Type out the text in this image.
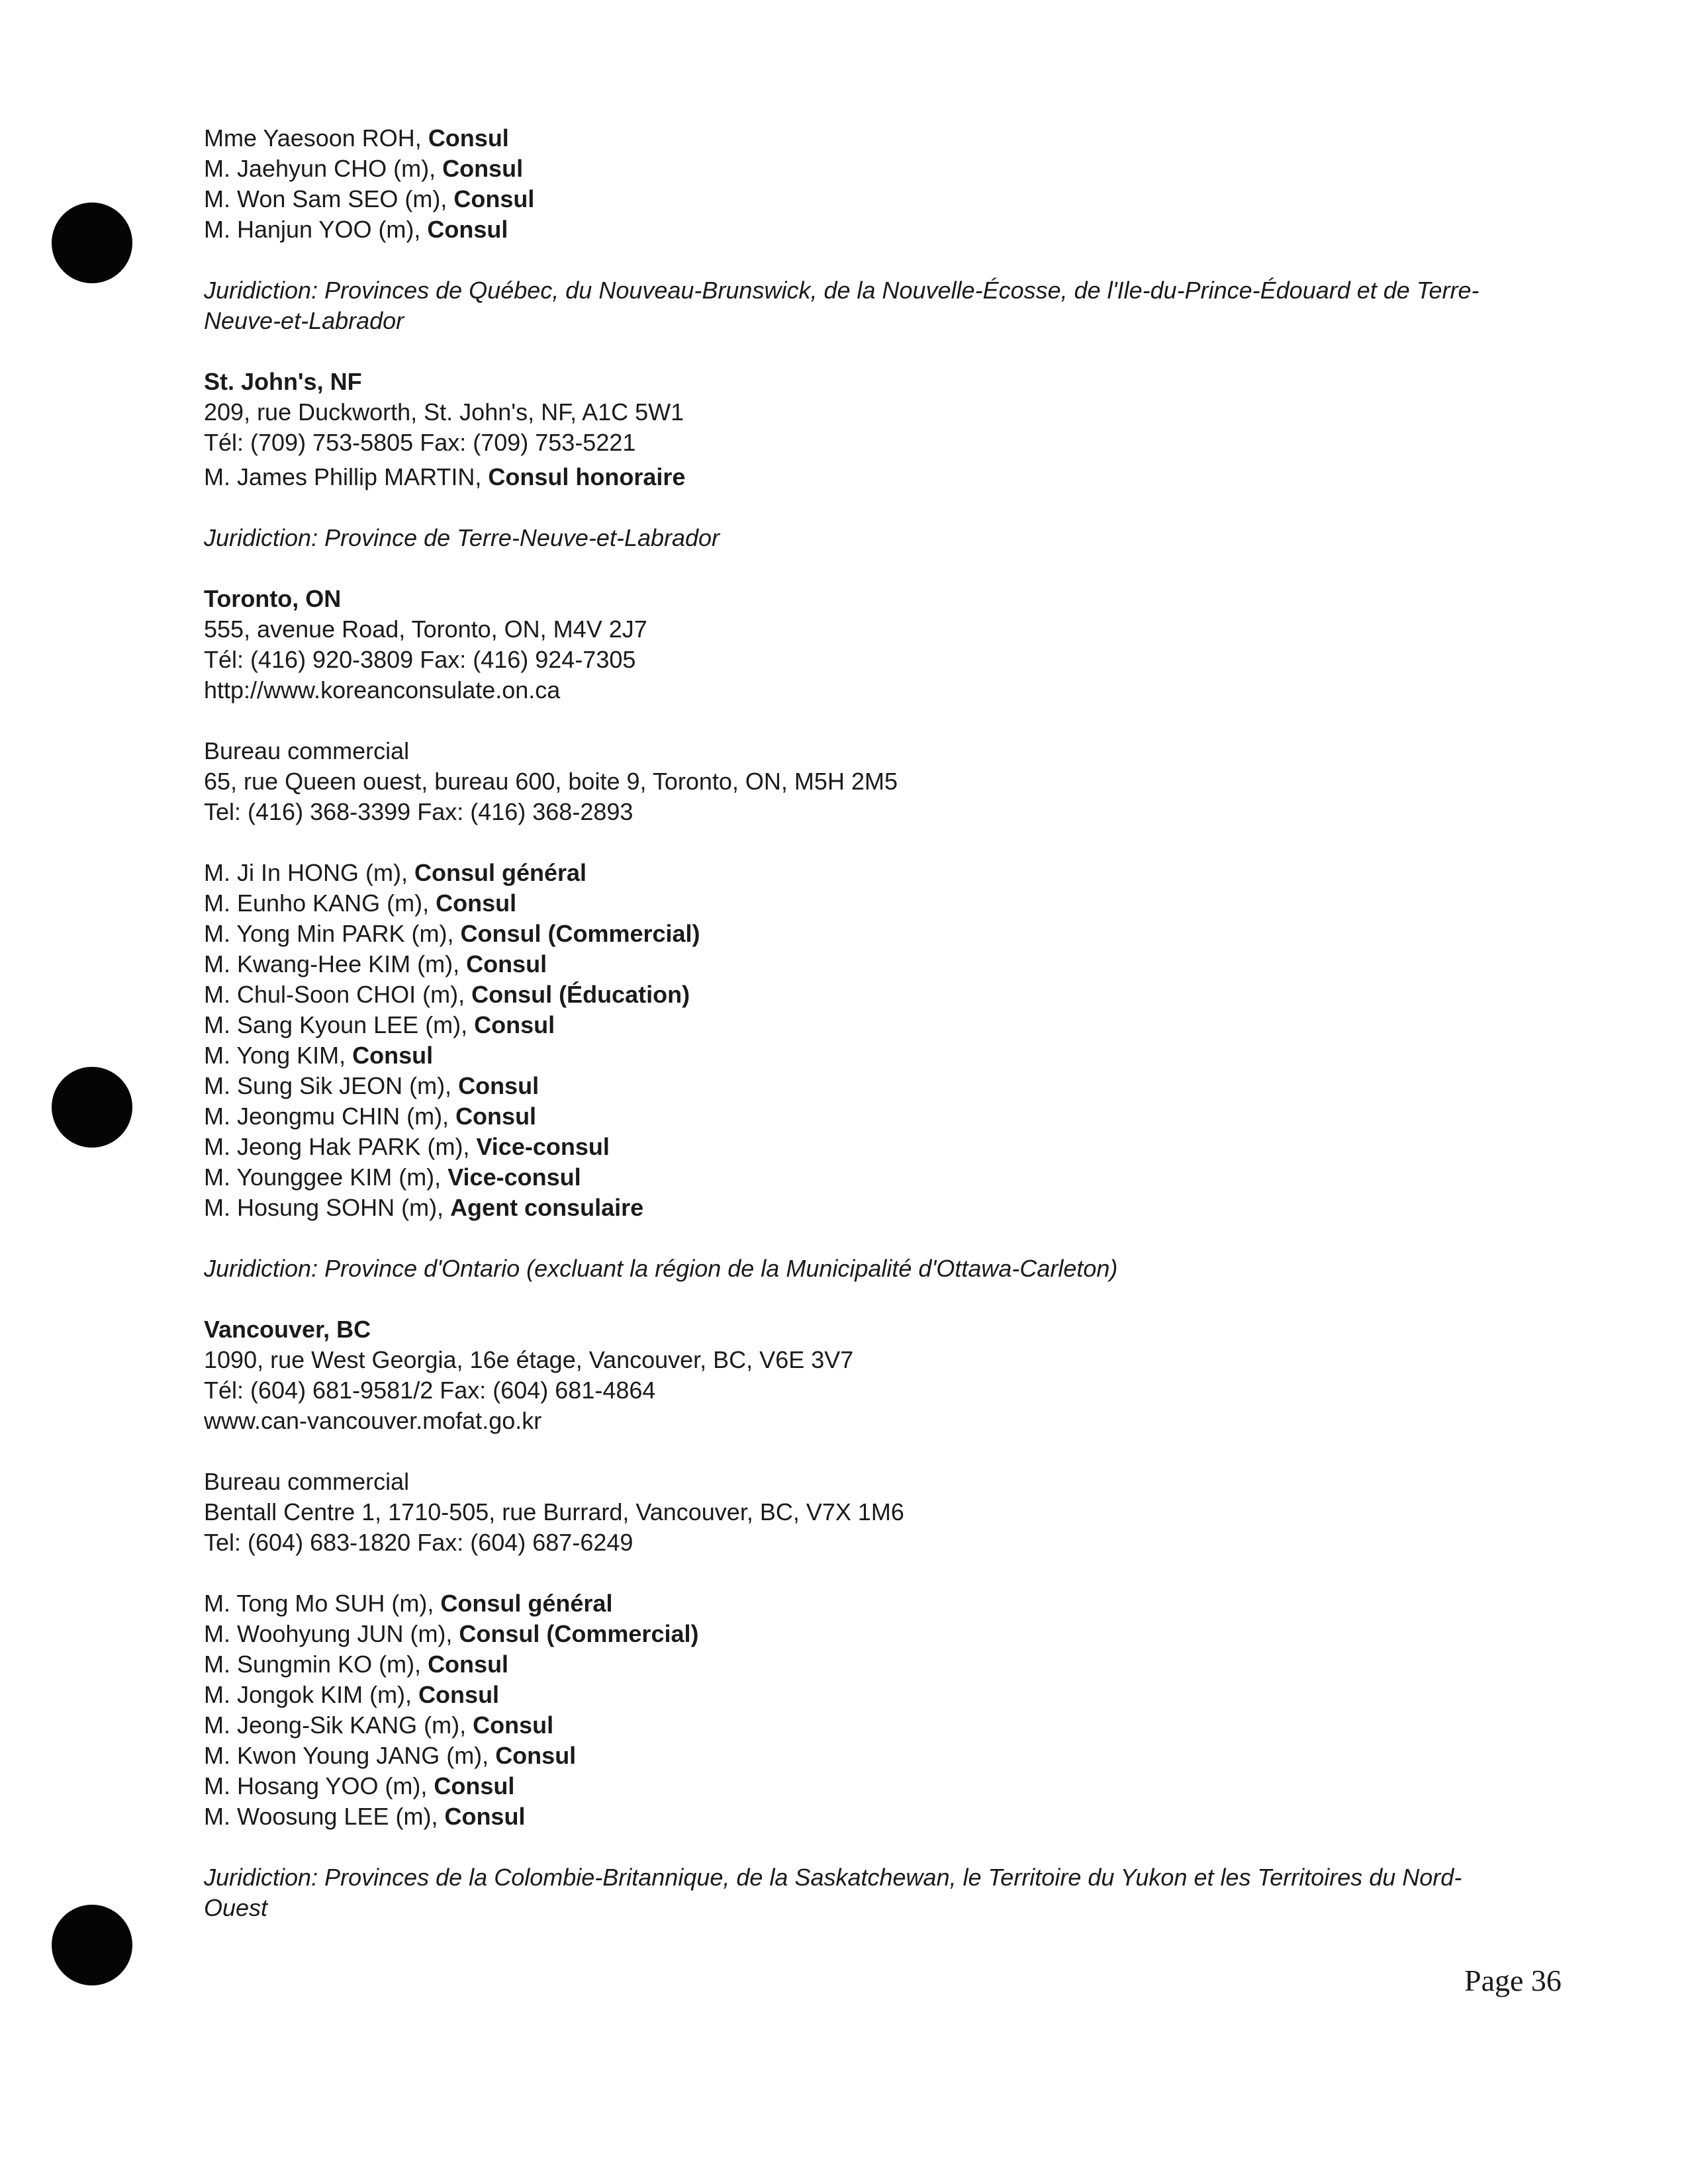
Mme Yaesoon ROH, Consul
M. Jaehyun CHO (m), Consul
M. Won Sam SEO (m), Consul
M. Hanjun YOO (m), Consul
Juridiction: Provinces de Québec, du Nouveau-Brunswick, de la Nouvelle-Écosse, de l'Ile-du-Prince-Édouard et de Terre-Neuve-et-Labrador
St. John's, NF
209, rue Duckworth, St. John's, NF, A1C 5W1
Tél: (709) 753-5805 Fax: (709) 753-5221
M. James Phillip MARTIN, Consul honoraire
Juridiction: Province de Terre-Neuve-et-Labrador
Toronto, ON
555, avenue Road, Toronto, ON, M4V 2J7
Tél: (416) 920-3809 Fax: (416) 924-7305
http://www.koreanconsulate.on.ca
Bureau commercial
65, rue Queen ouest, bureau 600, boite 9, Toronto, ON, M5H 2M5
Tel: (416) 368-3399 Fax: (416) 368-2893
M. Ji In HONG (m), Consul général
M. Eunho KANG (m), Consul
M. Yong Min PARK (m), Consul (Commercial)
M. Kwang-Hee KIM (m), Consul
M. Chul-Soon CHOI (m), Consul (Éducation)
M. Sang Kyoun LEE (m), Consul
M. Yong KIM, Consul
M. Sung Sik JEON (m), Consul
M. Jeongmu CHIN (m), Consul
M. Jeong Hak PARK (m), Vice-consul
M. Younggee KIM (m), Vice-consul
M. Hosung SOHN (m), Agent consulaire
Juridiction: Province d'Ontario (excluant la région de la Municipalité d'Ottawa-Carleton)
Vancouver, BC
1090, rue West Georgia, 16e étage, Vancouver, BC, V6E 3V7
Tél: (604) 681-9581/2 Fax: (604) 681-4864
www.can-vancouver.mofat.go.kr
Bureau commercial
Bentall Centre 1, 1710-505, rue Burrard, Vancouver, BC, V7X 1M6
Tel: (604) 683-1820 Fax: (604) 687-6249
M. Tong Mo SUH (m), Consul général
M. Woohyung JUN (m), Consul (Commercial)
M. Sungmin KO (m), Consul
M. Jongok KIM (m), Consul
M. Jeong-Sik KANG (m), Consul
M. Kwon Young JANG (m), Consul
M. Hosang YOO (m), Consul
M. Woosung LEE (m), Consul
Juridiction: Provinces de la Colombie-Britannique, de la Saskatchewan, le Territoire du Yukon et les Territoires du Nord-Ouest
Page 36
